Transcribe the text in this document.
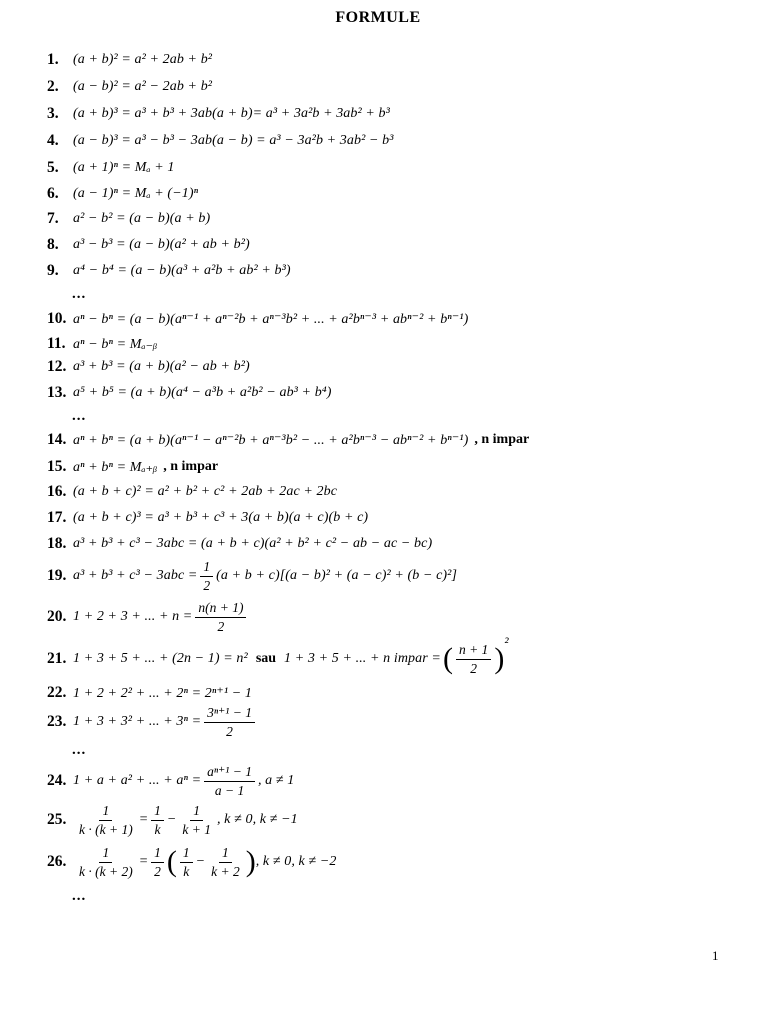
FORMULE
1.	(a + b)² = a² + 2ab + b²
2.	(a − b)² = a² − 2ab + b²
3.	(a + b)³ = a³ + b³ + 3ab(a + b)= a³ + 3a²b + 3ab² + b³
4.	(a − b)³ = a³ − b³ − 3ab(a − b) = a³ − 3a²b + 3ab² − b³
5.	(a + 1)ⁿ = Mₐ + 1
6.	(a − 1)ⁿ = Mₐ + (−1)ⁿ
7.	a² − b² = (a − b)(a + b)
8.	a³ − b³ = (a − b)(a² + ab + b²)
9.	a⁴ − b⁴ = (a − b)(a³ + a²b + ab² + b³)
...
10. aⁿ − bⁿ = (a − b)(aⁿ⁻¹ + aⁿ⁻²b + aⁿ⁻³b² + ... + a²bⁿ⁻³ + abⁿ⁻² + bⁿ⁻¹)
11. aⁿ − bⁿ = Mₐ₋ᵦ
12. a³ + b³ = (a + b)(a² − ab + b²)
13. a⁵ + b⁵ = (a + b)(a⁴ − a³b + a²b² − ab³ + b⁴)
...
14. aⁿ + bⁿ = (a + b)(aⁿ⁻¹ − aⁿ⁻²b + aⁿ⁻³b² − ... + a²bⁿ⁻³ − abⁿ⁻² + bⁿ⁻¹) , n impar
15. aⁿ + bⁿ = Mₐ₊ᵦ , n impar
16. (a + b + c)² = a² + b² + c² + 2ab + 2ac + 2bc
17. (a + b + c)³ = a³ + b³ + c³ + 3(a + b)(a + c)(b + c)
18. a³ + b³ + c³ − 3abc = (a + b + c)(a² + b² + c² − ab − ac − bc)
19. $a^3 + b^3 + c^3 - 3abc = \frac{1}{2} (a + b + c)[(a - b)^2 + (a - c)^2 + (b - c)^2]$
20. 1 + 2 + 3 + ... + $n = \frac{n(n + 1)}{2}$
21. 1 + 3 + 5 + ... + (2n − 1) = n² sau 1 + 3 + 5 + ... + n impar = ( $\frac{n + 1}{2}$ ) ²
22. 1 + 2 + 2² + ... + 2ⁿ = 2ⁿ⁺¹ − 1
23. 1 + 3 + 3² + ... + $3^n = \frac{\text{3ⁿ⁺¹ − 1}}{2}$
...
24. 1 + a + a² + ... + $a^n = \frac{\text{aⁿ⁺¹ − 1}}{a - 1}$ , a ≠ 1
25. $\frac{1}{k \cdot (k + 1)} = \frac{1}{k} - \frac{1}{k + 1}$ , k ≠ 0, k ≠ −1
26. $\frac{1}{k \cdot (k + 2)} = \frac{1}{2}$ ( $\frac{1}{k} - \frac{1}{k + 2}$ ) , k ≠ 0, k ≠ −2
...
1
